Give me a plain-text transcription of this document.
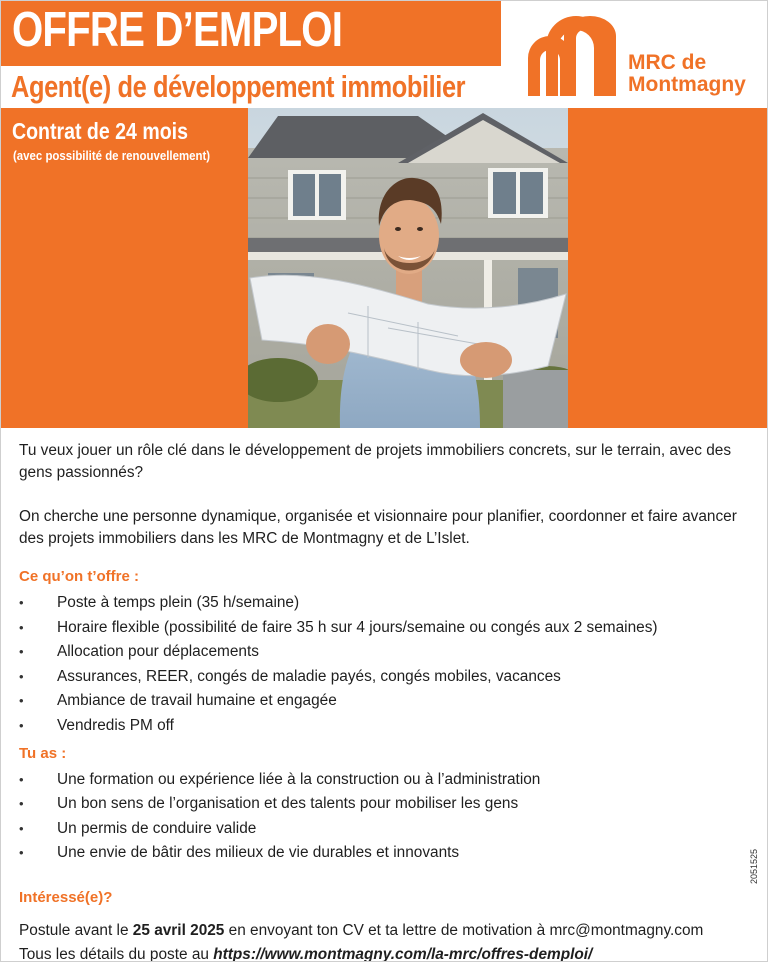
OFFRE D’EMPLOI
Agent(e) de développement immobilier
Contrat de 24 mois
(avec possibilité de renouvellement)
MRC de
Montmagny

Tu veux jouer un rôle clé dans le développement de projets immobiliers concrets, sur le terrain, avec des gens passionnés?

On cherche une personne dynamique, organisée et visionnaire pour planifier, coordonner et faire avancer des projets immobiliers dans les MRC de Montmagny et de L’Islet.

Ce qu’on t’offre :
• Poste à temps plein (35 h/semaine)
• Horaire flexible (possibilité de faire 35 h sur 4 jours/semaine ou congés aux 2 semaines)
• Allocation pour déplacements
• Assurances, REER, congés de maladie payés, congés mobiles, vacances
• Ambiance de travail humaine et engagée
• Vendredis PM off
Tu as :
• Une formation ou expérience liée à la construction ou à l’administration
• Un bon sens de l’organisation et des talents pour mobiliser les gens
• Un permis de conduire valide
• Une envie de bâtir des milieux de vie durables et innovants
Intéressé(e)?
Postule avant le 25 avril 2025 en envoyant ton CV et ta lettre de motivation à mrc@montmagny.com
Tous les détails du poste au https://www.montmagny.com/la-mrc/offres-demploi/
2051525
